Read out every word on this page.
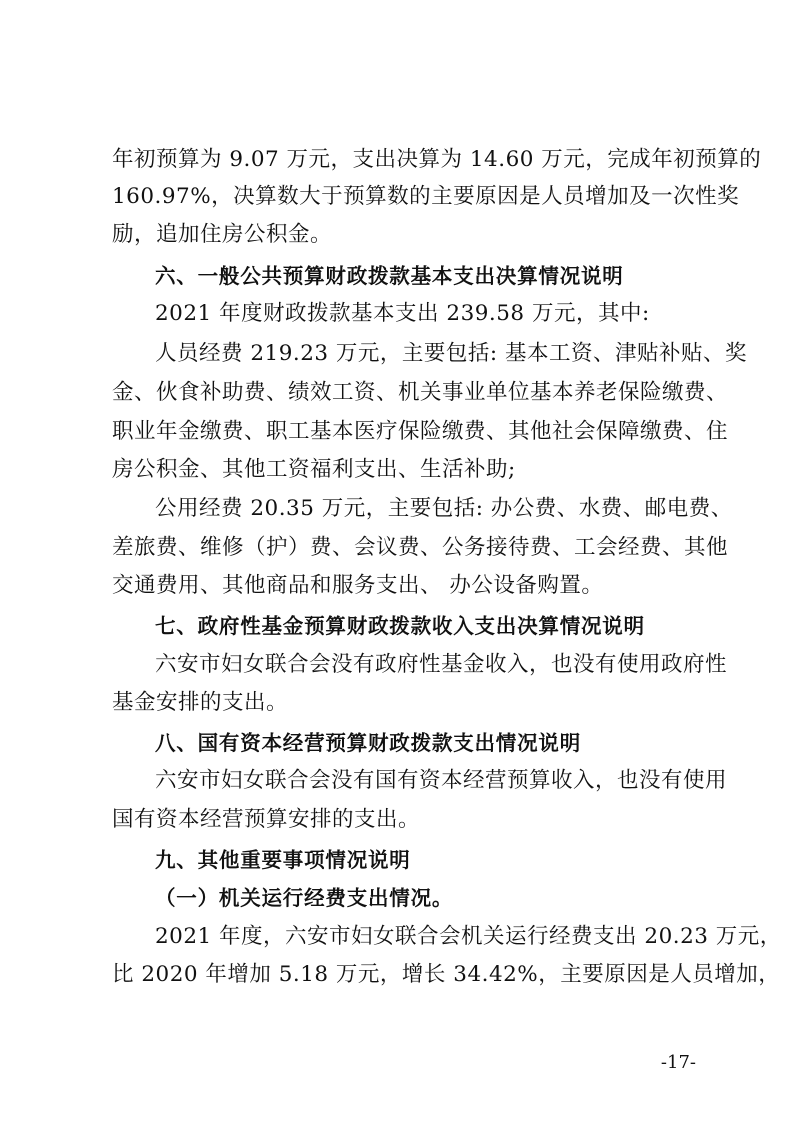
年初预算为 9.07 万元，支出决算为 14.60 万元，完成年初预算的
160.97%，决算数大于预算数的主要原因是人员增加及一次性奖
励，追加住房公积金。
六、一般公共预算财政拨款基本支出决算情况说明
2021 年度财政拨款基本支出 239.58 万元，其中:
人员经费 219.23 万元，主要包括: 基本工资、津贴补贴、奖
金、伙食补助费、绩效工资、机关事业单位基本养老保险缴费、
职业年金缴费、职工基本医疗保险缴费、其他社会保障缴费、住
房公积金、其他工资福利支出、生活补助;
公用经费 20.35 万元，主要包括: 办公费、水费、邮电费、
差旅费、维修（护）费、会议费、公务接待费、工会经费、其他
交通费用、其他商品和服务支出、 办公设备购置。
七、政府性基金预算财政拨款收入支出决算情况说明
六安市妇女联合会没有政府性基金收入，也没有使用政府性
基金安排的支出。
八、国有资本经营预算财政拨款支出情况说明
六安市妇女联合会没有国有资本经营预算收入，也没有使用
国有资本经营预算安排的支出。
九、其他重要事项情况说明
（一）机关运行经费支出情况。
2021 年度，六安市妇女联合会机关运行经费支出 20.23 万元，
比 2020 年增加 5.18 万元，增长 34.42%，主要原因是人员增加，
-17-
